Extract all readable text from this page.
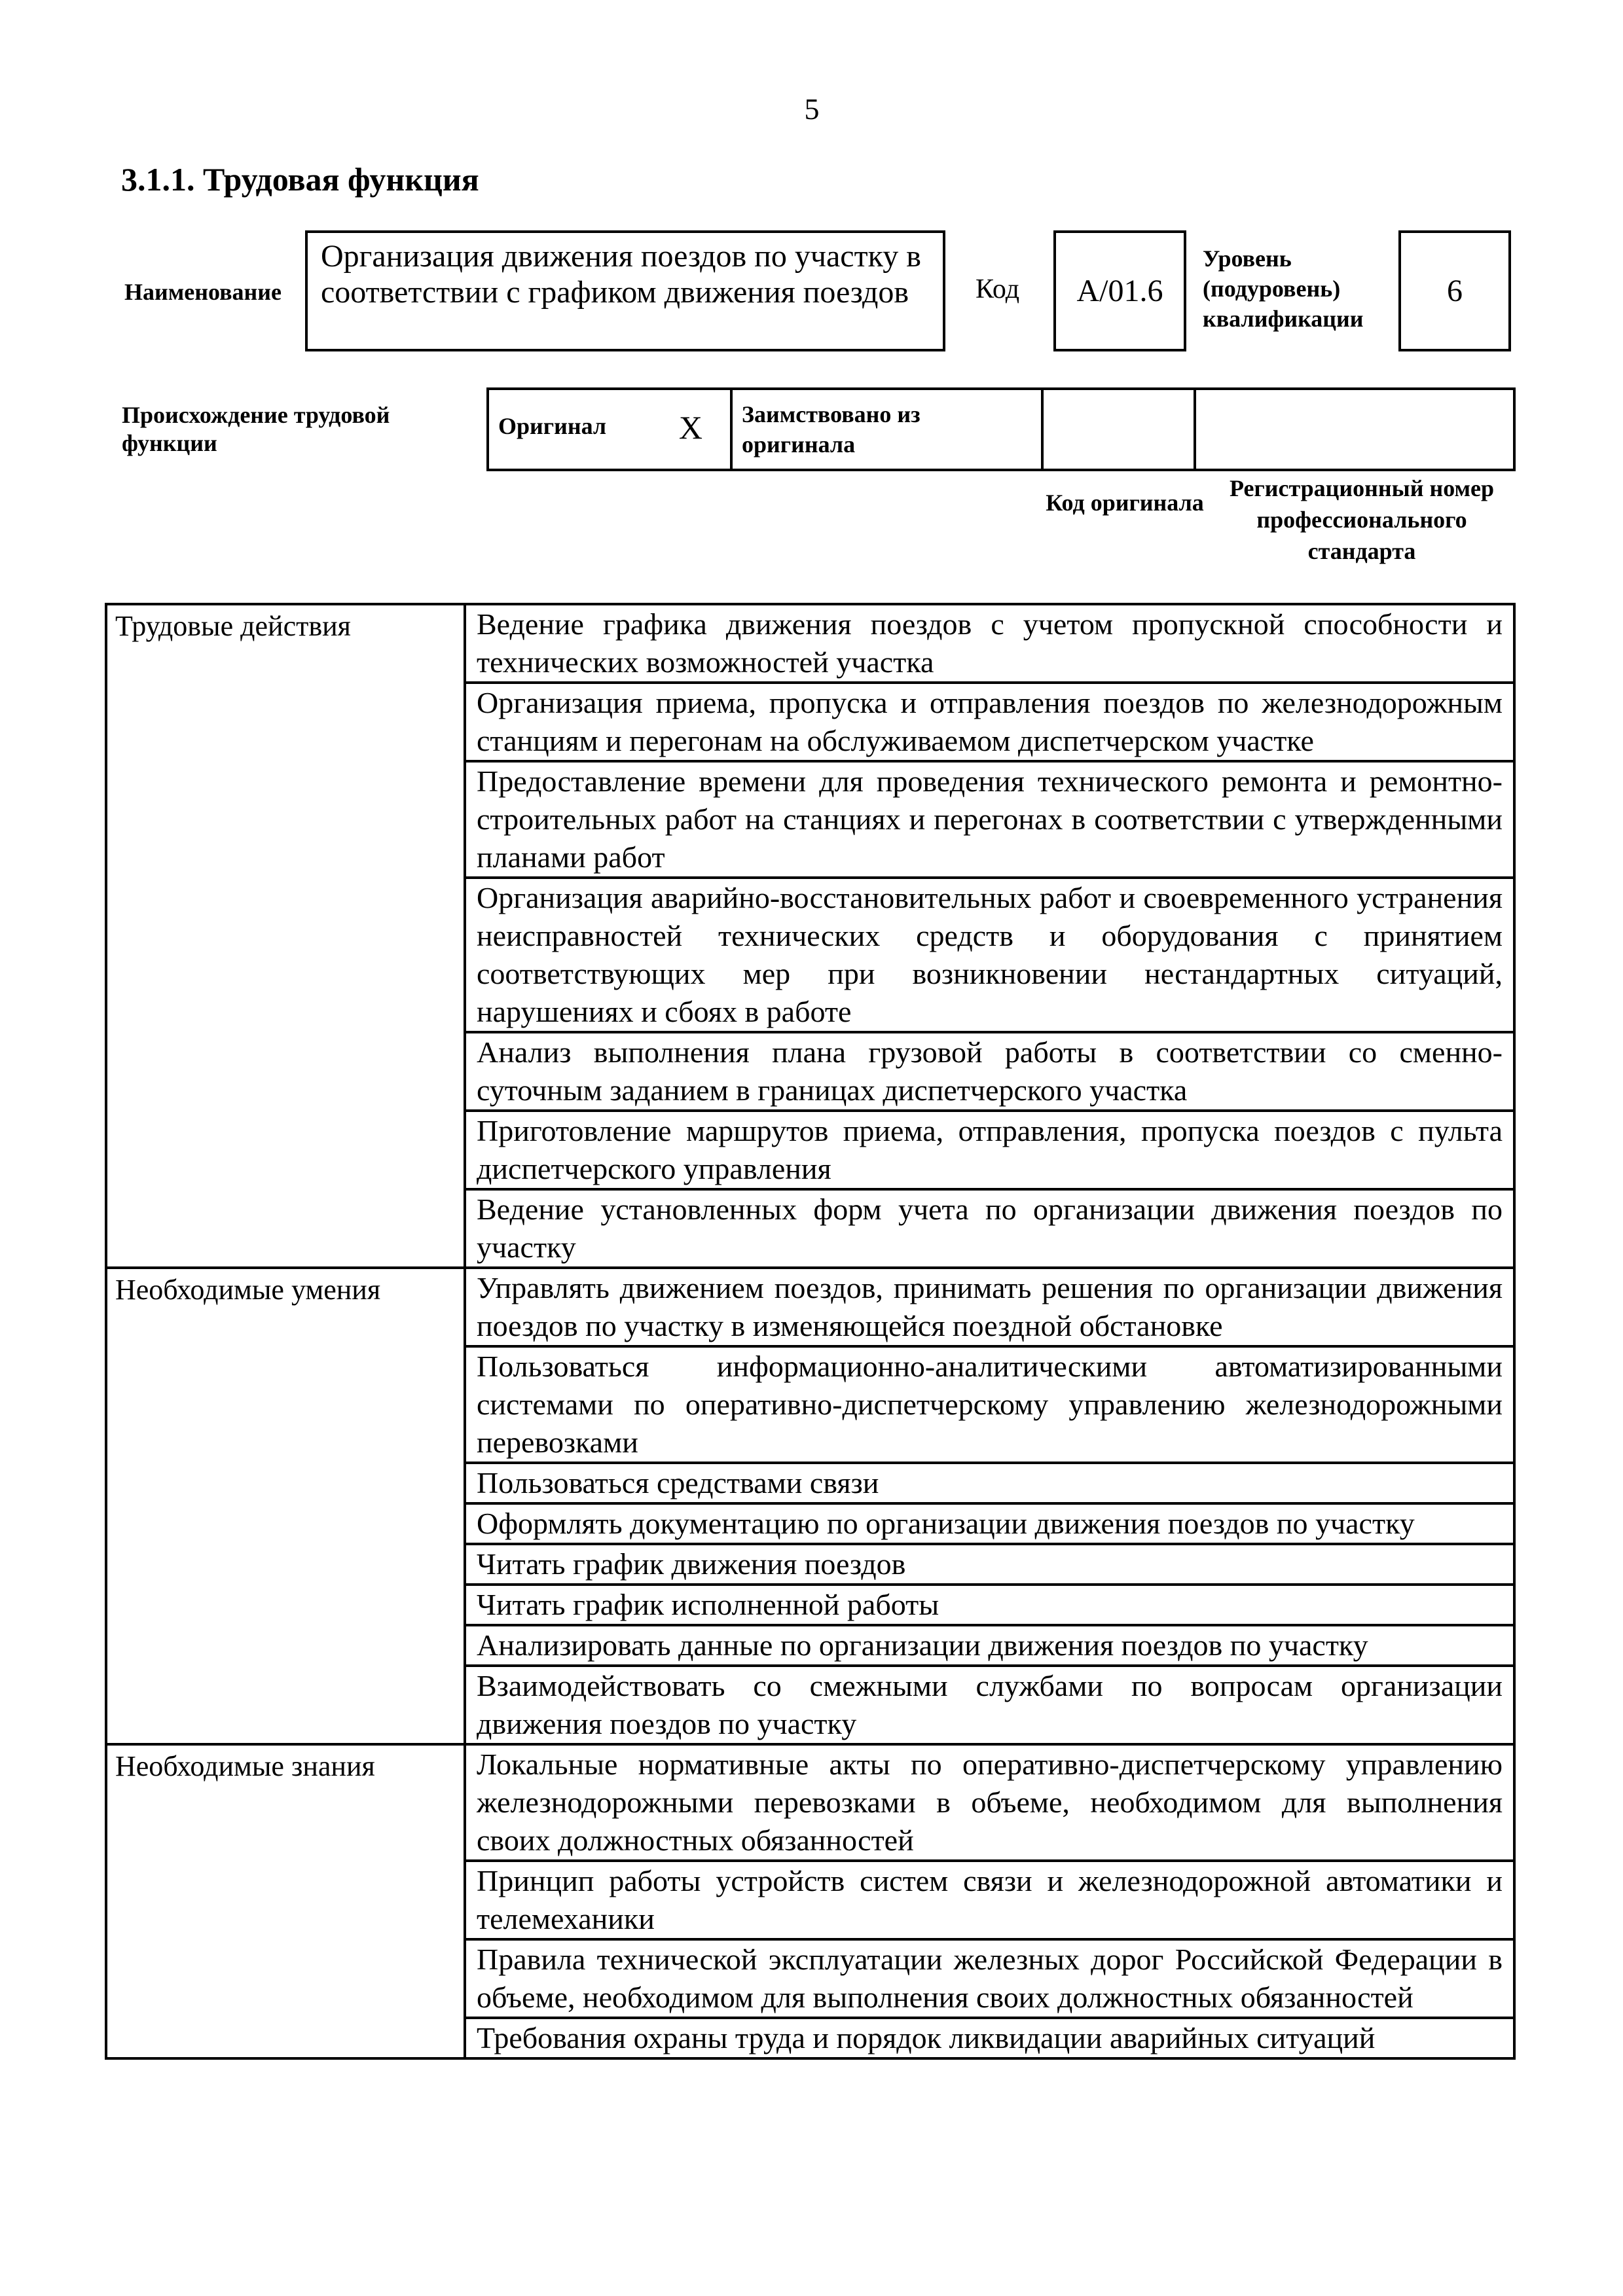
5
3.1.1. Трудовая функция
Наименование
Организация движения поездов по участку в соответствии с графиком движения поездов	Код	A/01.6
Уровень (подуровень) квалификации
6
Происхождение трудовой функции
Оригинал X	Заимствовано из оригинала		
Код оригинала
Регистрационный номер профессионального стандарта
Трудовые действия	Ведение графика движения поездов с учетом пропускной способности и технических возможностей участка
	Организация приема, пропуска и отправления поездов по железнодорожным станциям и перегонам на обслуживаемом диспетчерском участке
	Предоставление времени для проведения технического ремонта и ремонтно-строительных работ на станциях и перегонах в соответствии с утвержденными планами работ
	Организация аварийно-восстановительных работ и своевременного устранения неисправностей технических средств и оборудования с принятием соответствующих мер при возникновении нестандартных ситуаций, нарушениях и сбоях в работе
	Анализ выполнения плана грузовой работы в соответствии со сменно-суточным заданием в границах диспетчерского участка
	Приготовление маршрутов приема, отправления, пропуска поездов с пульта диспетчерского управления
	Ведение установленных форм учета по организации движения поездов по участку
Необходимые умения	Управлять движением поездов, принимать решения по организации движения поездов по участку в изменяющейся поездной обстановке
	Пользоваться информационно-аналитическими автоматизированными системами по оперативно-диспетчерскому управлению железнодорожными перевозками
	Пользоваться средствами связи
	Оформлять документацию по организации движения поездов по участку
	Читать график движения поездов
	Читать график исполненной работы
	Анализировать данные по организации движения поездов по участку
	Взаимодействовать со смежными службами по вопросам организации движения поездов по участку
Необходимые знания	Локальные нормативные акты по оперативно-диспетчерскому управлению железнодорожными перевозками в объеме, необходимом для выполнения своих должностных обязанностей
	Принцип работы устройств систем связи и железнодорожной автоматики и телемеханики
	Правила технической эксплуатации железных дорог Российской Федерации в объеме, необходимом для выполнения своих должностных обязанностей
	Требования охраны труда и порядок ликвидации аварийных ситуаций
